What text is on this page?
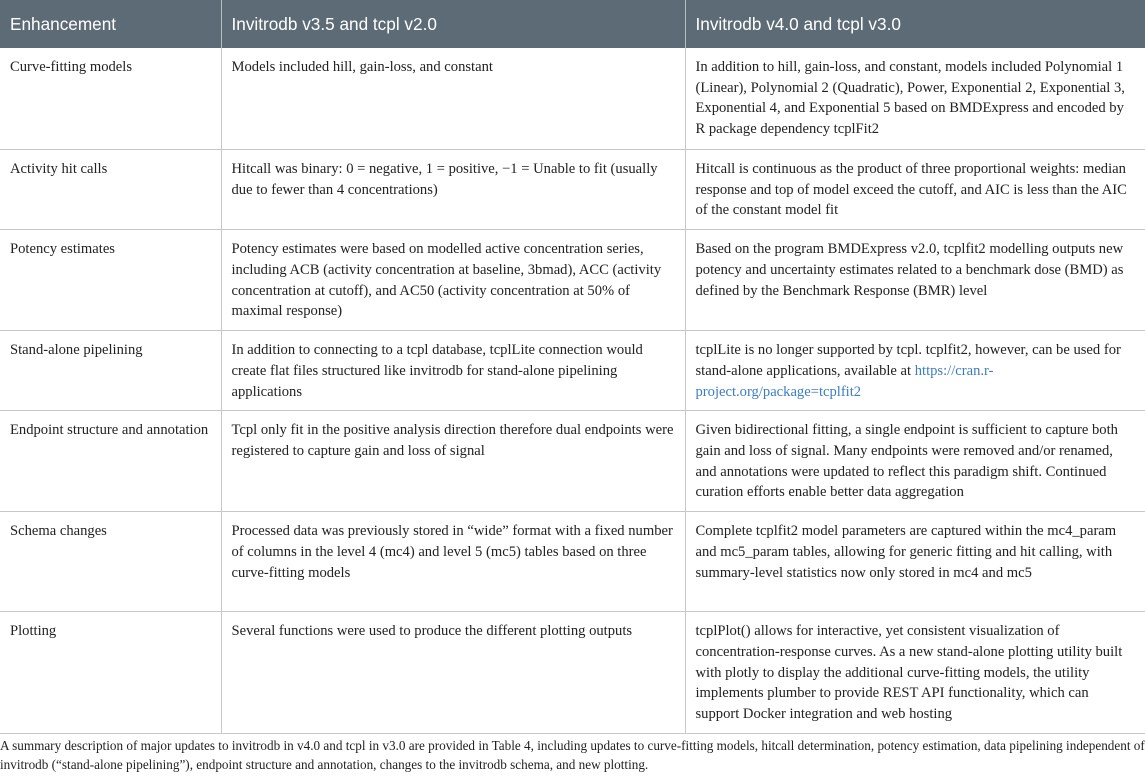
Enhancement	Invitrodb v3.5 and tcpl v2.0	Invitrodb v4.0 and tcpl v3.0
Curve-fitting models	Models included hill, gain-loss, and constant	In addition to hill, gain-loss, and constant, models included Polynomial 1 (Linear), Polynomial 2 (Quadratic), Power, Exponential 2, Exponential 3, Exponential 4, and Exponential 5 based on BMDExpress and encoded by R package dependency tcplFit2
Activity hit calls	Hitcall was binary: 0 = negative, 1 = positive, −1 = Unable to fit (usually due to fewer than 4 concentrations)	Hitcall is continuous as the product of three proportional weights: median response and top of model exceed the cutoff, and AIC is less than the AIC of the constant model fit
Potency estimates	Potency estimates were based on modelled active concentration series, including ACB (activity concentration at baseline, 3bmad), ACC (activity concentration at cutoff), and AC50 (activity concentration at 50% of maximal response)	Based on the program BMDExpress v2.0, tcplfit2 modelling outputs new potency and uncertainty estimates related to a benchmark dose (BMD) as defined by the Benchmark Response (BMR) level
Stand-alone pipelining	In addition to connecting to a tcpl database, tcplLite connection would create flat files structured like invitrodb for stand-alone pipelining applications	tcplLite is no longer supported by tcpl. tcplfit2, however, can be used for stand-alone applications, available at https://cran.r-project.org/package=tcplfit2
Endpoint structure and annotation	Tcpl only fit in the positive analysis direction therefore dual endpoints were registered to capture gain and loss of signal	Given bidirectional fitting, a single endpoint is sufficient to capture both gain and loss of signal. Many endpoints were removed and/or renamed, and annotations were updated to reflect this paradigm shift. Continued curation efforts enable better data aggregation
Schema changes	Processed data was previously stored in “wide” format with a fixed number of columns in the level 4 (mc4) and level 5 (mc5) tables based on three curve-fitting models	Complete tcplfit2 model parameters are captured within the mc4_param and mc5_param tables, allowing for generic fitting and hit calling, with summary-level statistics now only stored in mc4 and mc5
Plotting	Several functions were used to produce the different plotting outputs	tcplPlot() allows for interactive, yet consistent visualization of concentration-response curves. As a new stand-alone plotting utility built with plotly to display the additional curve-fitting models, the utility implements plumber to provide REST API functionality, which can support Docker integration and web hosting

A summary description of major updates to invitrodb in v4.0 and tcpl in v3.0 are provided in Table 4, including updates to curve-fitting models, hitcall determination, potency estimation, data pipelining independent of invitrodb (“stand-alone pipelining”), endpoint structure and annotation, changes to the invitrodb schema, and new plotting.
